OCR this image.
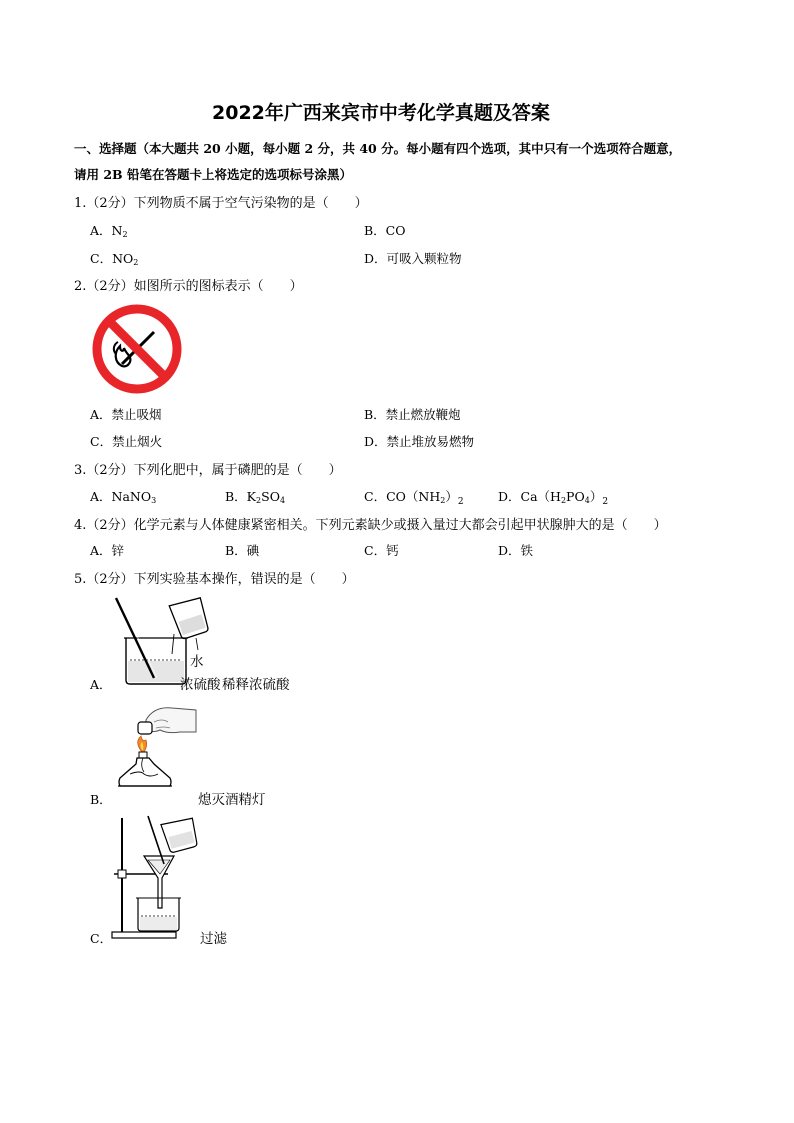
2022年广西来宾市中考化学真题及答案
一、选择题（本大题共 20 小题，每小题 2 分，共 40 分。每小题有四个选项，其中只有一个选项符合题意，
请用 2B 铅笔在答题卡上将选定的选项标号涂黑）
1.（2分）下列物质不属于空气污染物的是（　　）
A．$N_2$	B．CO
C．$NO_2$	D．可吸入颗粒物
2.（2分）如图所示的图标表示（　　）
A．禁止吸烟	B．禁止燃放鞭炮
C．禁止烟火	D．禁止堆放易燃物
3.（2分）下列化肥中，属于磷肥的是（　　）
A．NaNO$_3$	B．$K_2SO_4$	C．$CO(NH_2)_2$	D．$Ca(H_2PO_4)_2$
4.（2分）化学元素与人体健康紧密相关。下列元素缺少或摄入量过大都会引起甲状腺肿大的是（　　）
A．锌	B．碘	C．钙	D．铁
5.（2分）下列实验基本操作，错误的是（　　）
A．
水
浓硫酸 稀释浓硫酸
B．	熄灭酒精灯
C．	过滤
